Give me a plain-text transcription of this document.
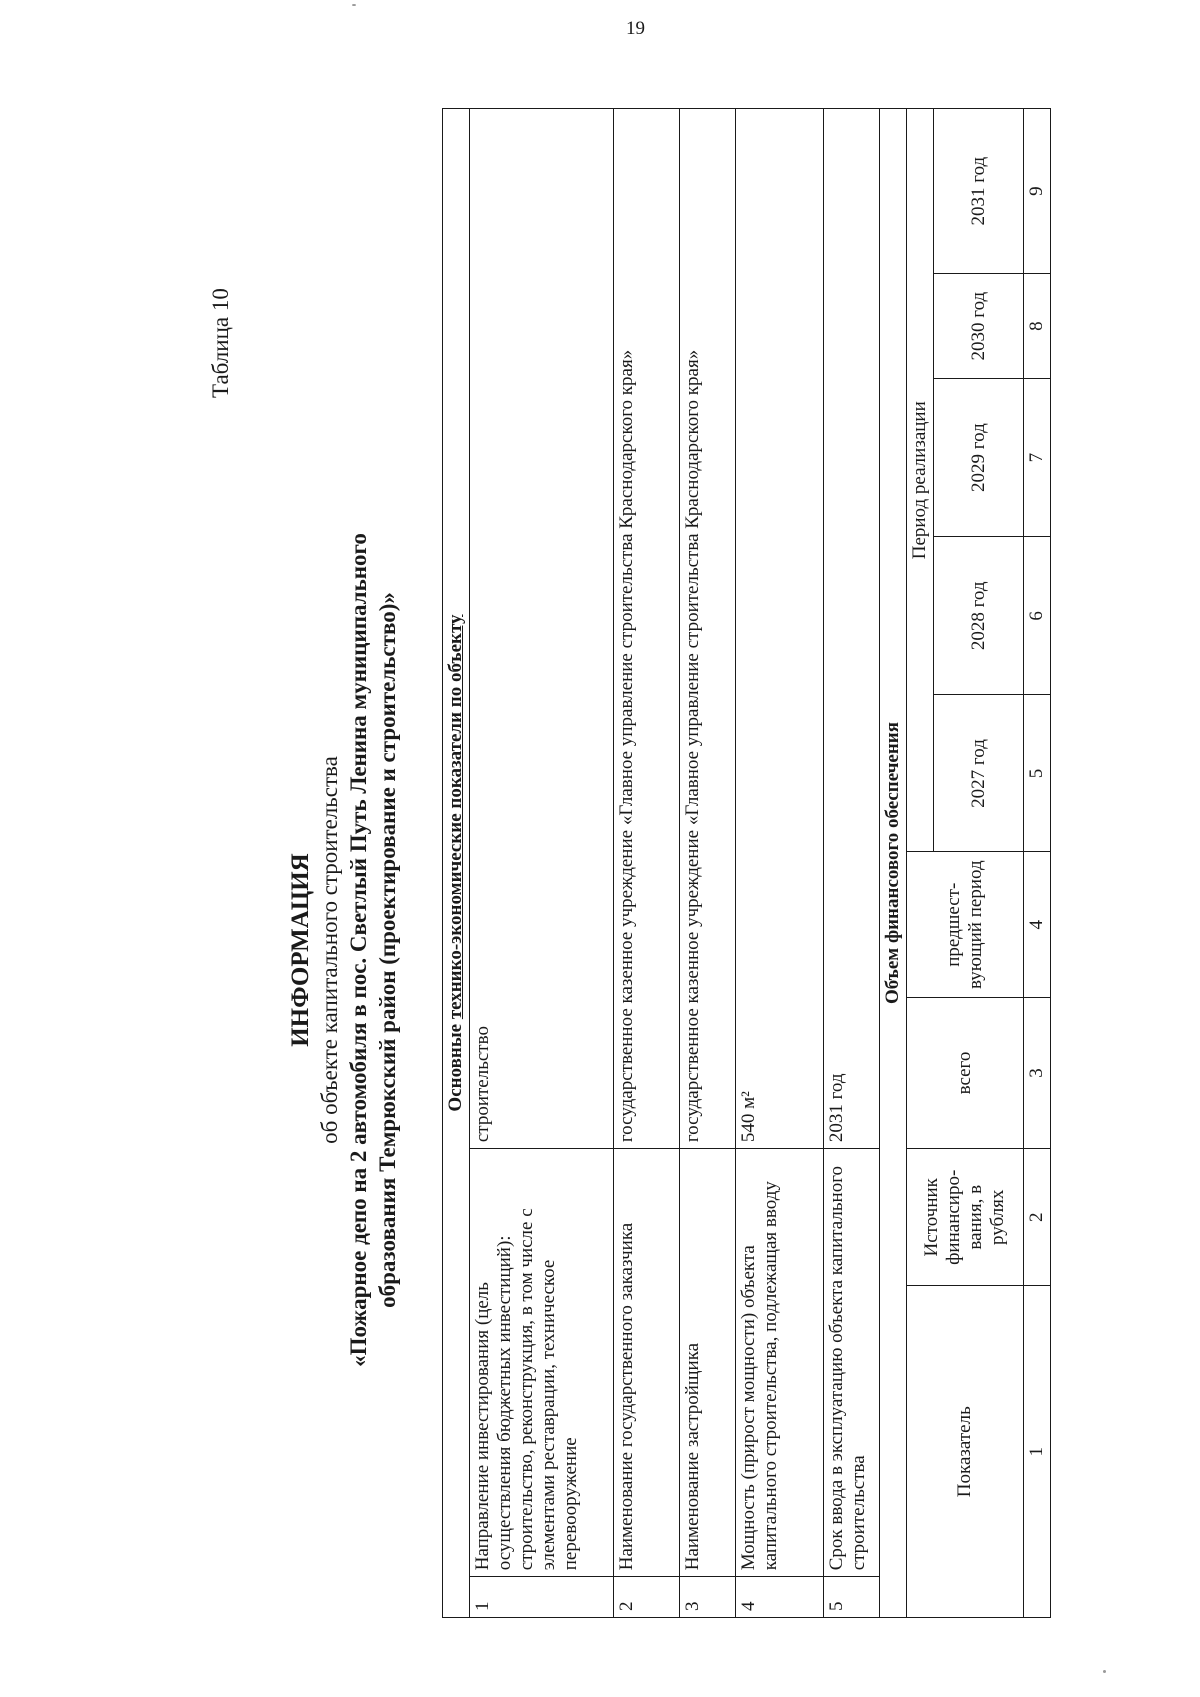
19
Таблица 10
ИНФОРМАЦИЯ об объекте капитального строительства «Пожарное депо на 2 автомобиля в пос. Светлый Путь Ленина муниципального образования Темрюкский район (проектирование и строительство)» Основные технико-экономические показатели по объекту									
1	Направление инвестирования (цель осуществления бюджетных инвестиций): строительство, реконструкция, в том числе с элементами реставрации, техническое перевооружение		строительство						
2	Наименование государственного заказчика		государственное казенное учреждение «Главное управление строительства Краснодарского края»						
3	Наименование застройщика		государственное казенное учреждение «Главное управление строительства Краснодарского края»						
4	Мощность (прирост мощности) объекта капитального строительства, подлежащая вводу		540 м²						
5	Срок ввода в эксплуатацию объекта капитального строительства		2031 год						
Объем финансового обеспечения									
Показатель		Источник финансиро-вания, в рублях	всего	предшест-вующий период	Период реализации				
					2027 год	2028 год	2029 год	2030 год	2031 год
1		2	3	4	5	6	7	8	9
